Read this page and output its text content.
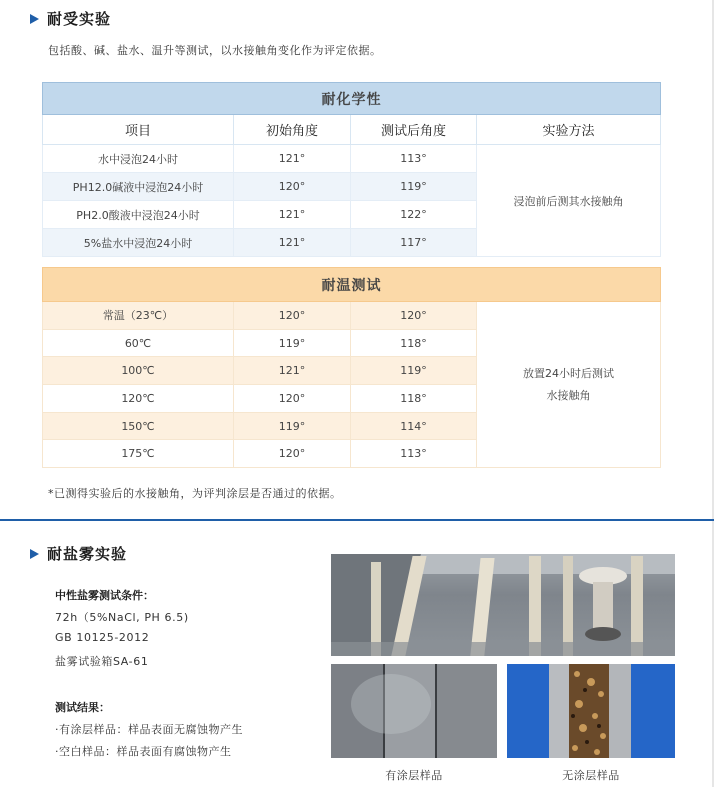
耐受实验
包括酸、碱、盐水、温升等测试，以水接触角变化作为评定依据。
耐化学性			
项目	初始角度	测试后角度	实验方法
水中浸泡24小时	121°	113°	浸泡前后测其水接触角
PH12.0碱液中浸泡24小时	120°	119°	
PH2.0酸液中浸泡24小时	121°	122°	
5%盐水中浸泡24小时	121°	117°	
耐温测试			
常温（23℃）	120°	120°	放置24小时后测试
水接触角

60℃	119°	118°	
100℃	121°	119°	
120℃	120°	118°	
150℃	119°	114°	
175℃	120°	113°	
*已测得实验后的水接触角，为评判涂层是否通过的依据。
耐盐雾实验
中性盐雾测试条件：
72h（5%NaCl, PH 6.5)
GB 10125-2012
盐雾试验箱SA-61
测试结果：
·有涂层样品：样品表面无腐蚀物产生
·空白样品：样品表面有腐蚀物产生
有涂层样品	无涂层样品
